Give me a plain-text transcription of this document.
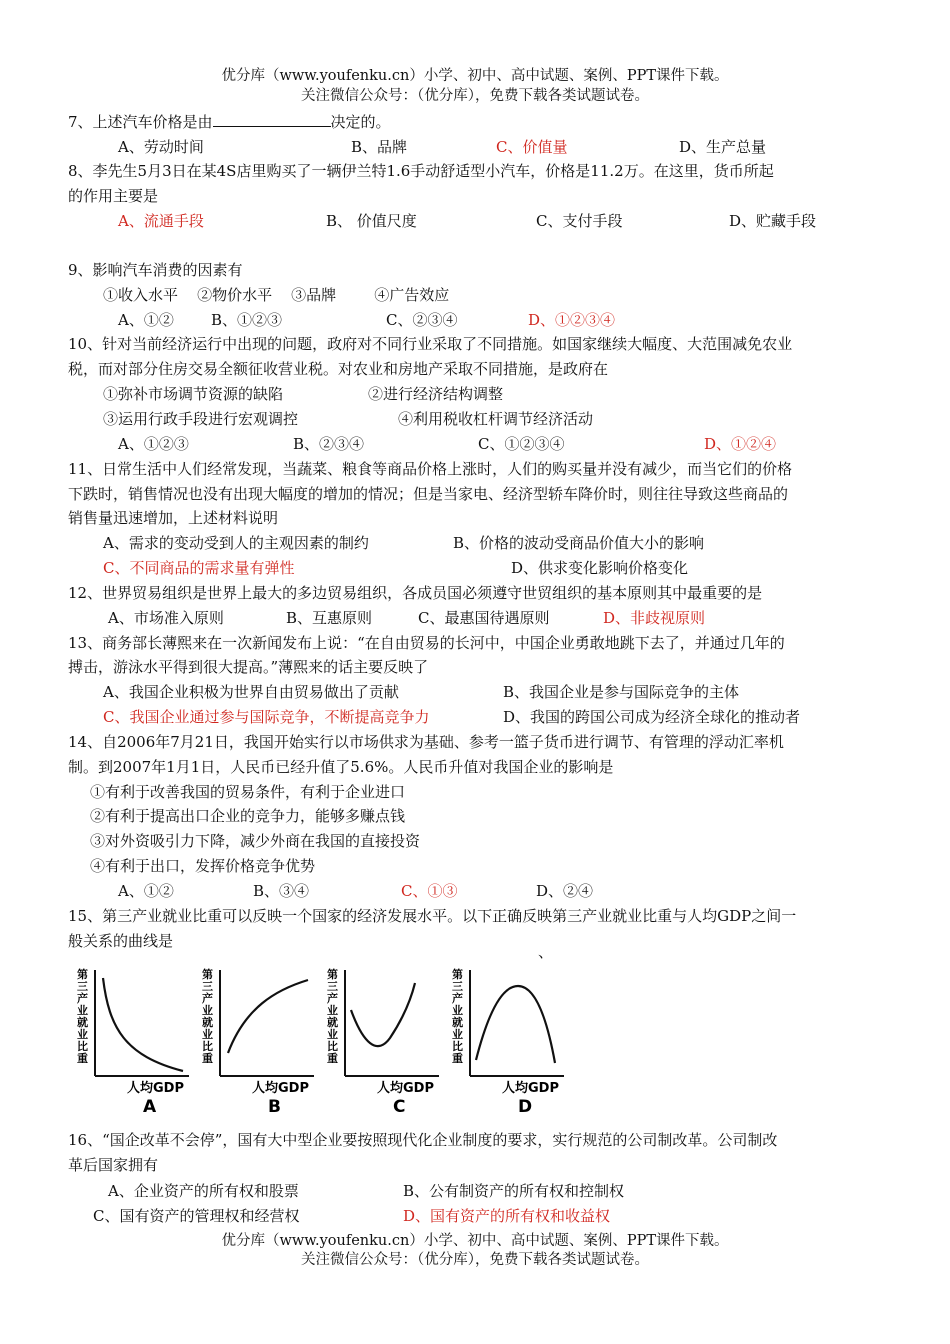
优分库（www.youfenku.cn）小学、初中、高中试题、案例、PPT课件下载。
关注微信公众号：（优分库），免费下载各类试题试卷。
7、上述汽车价格是由	决定的。
A、劳动时间	B、品牌	C、价值量	D、生产总量
8、李先生5月3日在某4S店里购买了一辆伊兰特1.6手动舒适型小汽车，价格是11.2万。在这里，货币所起
的作用主要是
A、流通手段	B、 价值尺度	C、支付手段	D、贮藏手段
9、影响汽车消费的因素有
①收入水平    ②物价水平    ③品牌        ④广告效应
A、①② B、①②③	C、②③④	D、①②③④
10、针对当前经济运行中出现的问题，政府对不同行业采取了不同措施。如国家继续大幅度、大范围减免农业
税，而对部分住房交易全额征收营业税。对农业和房地产采取不同措施，是政府在
①弥补市场调节资源的缺陷	②进行经济结构调整
③运用行政手段进行宏观调控	④利用税收杠杆调节经济活动
A、①②③	B、②③④	C、①②③④	D、①②④
11、日常生活中人们经常发现，当蔬菜、粮食等商品价格上涨时，人们的购买量并没有减少，而当它们的价格
下跌时，销售情况也没有出现大幅度的增加的情况；但是当家电、经济型轿车降价时，则往往导致这些商品的
销售量迅速增加，上述材料说明
A、需求的变动受到人的主观因素的制约	B、价格的波动受商品价值大小的影响
C、不同商品的需求量有弹性	D、供求变化影响价格变化
12、世界贸易组织是世界上最大的多边贸易组织，各成员国必须遵守世贸组织的基本原则其中最重要的是
A、市场准入原则	B、互惠原则	C、最惠国待遇原则	D、非歧视原则
13、商务部长薄熙来在一次新闻发布上说：“在自由贸易的长河中，中国企业勇敢地跳下去了，并通过几年的
搏击，游泳水平得到很大提高。”薄熙来的话主要反映了
A、我国企业积极为世界自由贸易做出了贡献	B、我国企业是参与国际竞争的主体
C、我国企业通过参与国际竞争，不断提高竞争力	D、我国的跨国公司成为经济全球化的推动者
14、自2006年7月21日，我国开始实行以市场供求为基础、参考一篮子货币进行调节、有管理的浮动汇率机
制。到2007年1月1日，人民币已经升值了5.6%。人民币升值对我国企业的影响是
①有利于改善我国的贸易条件，有利于企业进口
②有利于提高出口企业的竞争力，能够多赚点钱
③对外资吸引力下降，减少外商在我国的直接投资
④有利于出口，发挥价格竞争优势
A、①②	B、③④	C、①③	D、②④
15、第三产业就业比重可以反映一个国家的经济发展水平。以下正确反映第三产业就业比重与人均GDP之间一
般关系的曲线是
、
第三产业就业比重
人均GDP
A
第三产业就业比重
人均GDP
B
第三产业就业比重
人均GDP
C
第三产业就业比重
人均GDP
D
16、“国企改革不会停”，国有大中型企业要按照现代化企业制度的要求，实行规范的公司制改革。公司制改
革后国家拥有
A、企业资产的所有权和股票	B、公有制资产的所有权和控制权
C、国有资产的管理权和经营权	D、国有资产的所有权和收益权
优分库（www.youfenku.cn）小学、初中、高中试题、案例、PPT课件下载。
关注微信公众号：（优分库），免费下载各类试题试卷。
